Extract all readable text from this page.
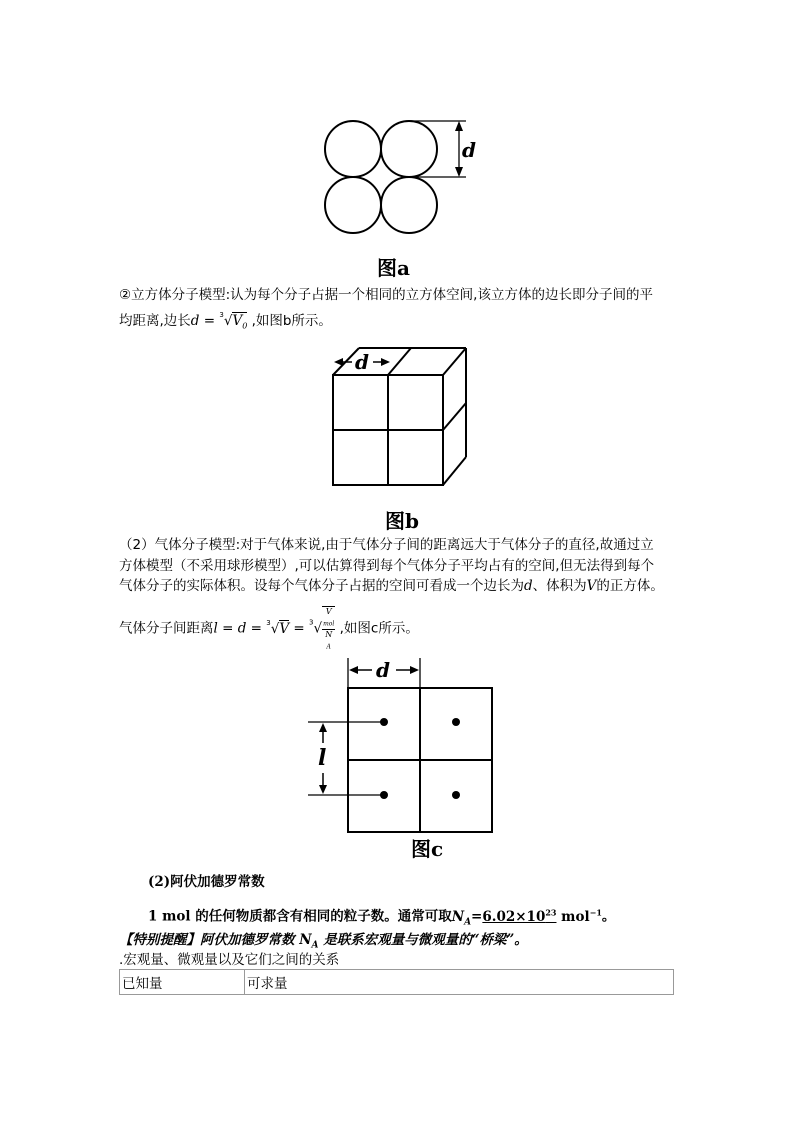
d
图a
②立方体分子模型:认为每个分子占据一个相同的立方体空间,该立方体的边长即分子间的平
均距离,边长$d = ^3√V_0$ ,如图b所示。
d
图b
（2）气体分子模型:对于气体来说,由于气体分子间的距离远大于气体分子的直径,故通过立
方体模型（不采用球形模型）,可以估算得到每个气体分子平均占有的空间,但无法得到每个
气体分子的实际体积。设每个气体分子占据的空间可看成一个边长为d、体积为V的正方体。
气体分子间距离l = d = $^3$√V = $^3$√ V
$_{mol}$
N
$_A$ ,如图c所示。
d
l
图c
(2)阿伏加德罗常数
1 mol 的任何物质都含有相同的粒子数。通常可取$N_A=6.02\times 10^{23}$ mol$^{-1}$。
【特别提醒】阿伏加德罗常数 $N_A$ 是联系宏观量与微观量的“桥梁”。
.宏观量、微观量以及它们之间的关系
已知量	可求量
